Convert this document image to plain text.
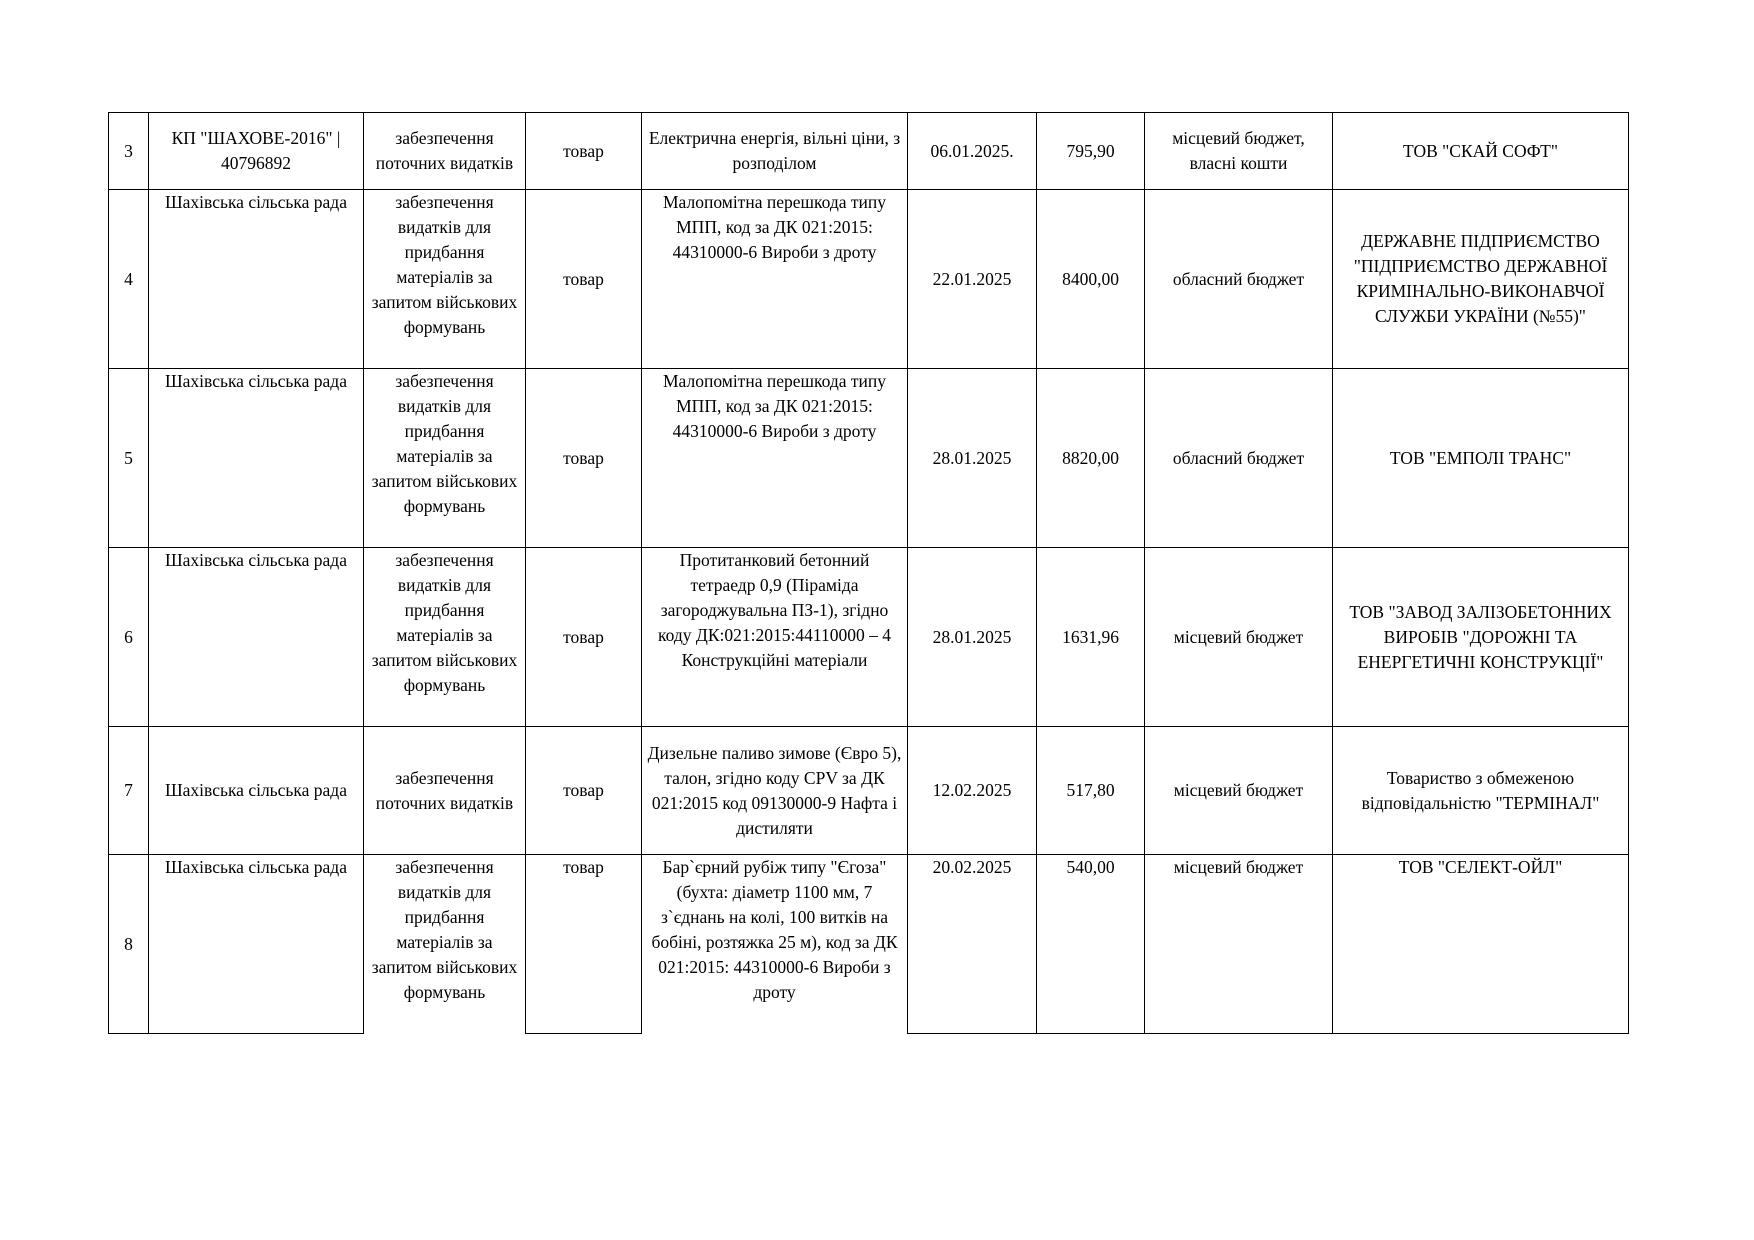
3	КП "ШАХОВЕ-2016" | 40796892	забезпечення поточних видатків	товар	Електрична енергія, вільні ціни, з розподілом	06.01.2025.	795,90	місцевий бюджет, власні кошти	ТОВ "СКАЙ СОФТ"

4	Шахівська сільська рада	забезпечення видатків для придбання матеріалів за запитом військових формувань	товар	Малопомітна перешкода типу МПП, код за ДК 021:2015: 44310000-6 Вироби з дроту	22.01.2025	8400,00	обласний бюджет	ДЕРЖАВНЕ ПІДПРИЄМСТВО "ПІДПРИЄМСТВО ДЕРЖАВНОЇ КРИМІНАЛЬНО-ВИКОНАВЧОЇ СЛУЖБИ УКРАЇНИ (№55)"

5	Шахівська сільська рада	забезпечення видатків для придбання матеріалів за запитом військових формувань	товар	Малопомітна перешкода типу МПП, код за ДК 021:2015: 44310000-6 Вироби з дроту	28.01.2025	8820,00	обласний бюджет	ТОВ "ЕМПОЛІ ТРАНС"

6	Шахівська сільська рада	забезпечення видатків для придбання матеріалів за запитом військових формувань	товар	Протитанковий бетонний тетраедр 0,9 (Піраміда загороджувальна ПЗ-1), згідно коду ДК:021:2015:44110000 – 4 Конструкційні матеріали	28.01.2025	1631,96	місцевий бюджет	ТОВ "ЗАВОД ЗАЛІЗОБЕТОННИХ ВИРОБІВ "ДОРОЖНІ ТА ЕНЕРГЕТИЧНІ КОНСТРУКЦІЇ"

7	Шахівська сільська рада	забезпечення поточних видатків	товар	Дизельне паливо зимове (Євро 5), талон, згідно коду CPV за ДК 021:2015 код 09130000-9 Нафта і дистиляти	12.02.2025	517,80	місцевий бюджет	Товариство з обмеженою відповідальністю "ТЕРМІНАЛ"

8	Шахівська сільська рада	забезпечення видатків для придбання матеріалів за запитом військових формувань	товар	Бар`єрний рубіж типу "Єгоза" (бухта: діаметр 1100 мм, 7 з`єднань на колі, 100 витків на бобіні, розтяжка 25 м), код за ДК 021:2015: 44310000-6 Вироби з дроту	20.02.2025	540,00	місцевий бюджет	ТОВ "СЕЛЕКТ-ОЙЛ"
